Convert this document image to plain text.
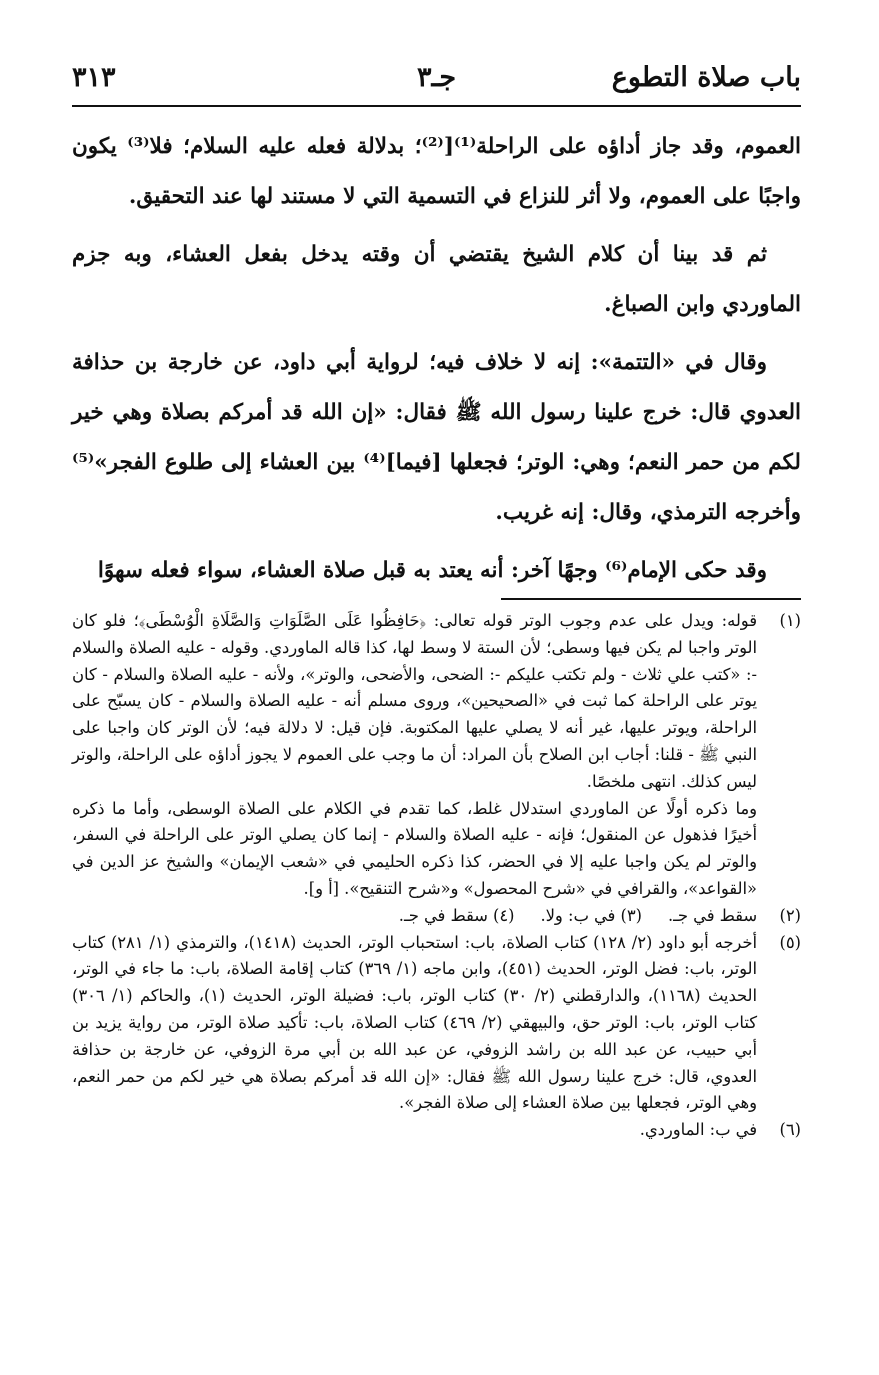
باب صلاة التطوع
جـ٣
٣١٣

العموم، وقد جاز أداؤه على الراحلة⁽¹⁾[⁽²⁾؛ بدلالة فعله عليه السلام؛ فلا⁽³⁾ يكون واجبًا على العموم، ولا أثر للنزاع في التسمية التي لا مستند لها عند التحقيق.

ثم قد بينا أن كلام الشيخ يقتضي أن وقته يدخل بفعل العشاء، وبه جزم الماوردي وابن الصباغ.

وقال في «التتمة»: إنه لا خلاف فيه؛ لرواية أبي داود، عن خارجة بن حذافة العدوي قال: خرج علينا رسول الله ﷺ فقال: «إن الله قد أمركم بصلاة وهي خير لكم من حمر النعم؛ وهي: الوتر؛ فجعلها [فيما]⁽⁴⁾ بين العشاء إلى طلوع الفجر»⁽⁵⁾ وأخرجه الترمذي، وقال: إنه غريب.

وقد حكى الإمام⁽⁶⁾ وجهًا آخر: أنه يعتد به قبل صلاة العشاء، سواء فعله سهوًا

(١)

قوله: ويدل على عدم وجوب الوتر قوله تعالى: ﴿حَافِظُوا عَلَى الصَّلَوَاتِ وَالصَّلَاةِ الْوُسْطَى﴾؛ فلو كان الوتر واجبا لم يكن فيها وسطى؛ لأن الستة لا وسط لها، كذا قاله الماوردي. وقوله - عليه الصلاة والسلام -: «كتب علي ثلاث - ولم تكتب عليكم -: الضحى، والأضحى، والوتر»، ولأنه - عليه الصلاة والسلام - كان يوتر على الراحلة كما ثبت في «الصحيحين»، وروى مسلم أنه - عليه الصلاة والسلام - كان يسبّح على الراحلة، ويوتر عليها، غير أنه لا يصلي عليها المكتوبة. فإن قيل: لا دلالة فيه؛ لأن الوتر كان واجبا على النبي ﷺ - قلنا: أجاب ابن الصلاح بأن المراد: أن ما وجب على العموم لا يجوز أداؤه على الراحلة، والوتر ليس كذلك. انتهى ملخصًا.

وما ذكره أولًا عن الماوردي استدلال غلط، كما تقدم في الكلام على الصلاة الوسطى، وأما ما ذكره أخيرًا فذهول عن المنقول؛ فإنه - عليه الصلاة والسلام - إنما كان يصلي الوتر على الراحلة في السفر، والوتر لم يكن واجبا عليه إلا في الحضر، كذا ذكره الحليمي في «شعب الإيمان» والشيخ عز الدين في «القواعد»، والقرافي في «شرح المحصول» و«شرح التنقيح». [أ و].

(٢)
سقط في جـ.
(٣) في ب: ولا.
(٤) سقط في جـ.
(٥)

أخرجه أبو داود (٢/ ١٢٨) كتاب الصلاة، باب: استحباب الوتر، الحديث (١٤١٨)، والترمذي (١/ ٢٨١) كتاب الوتر، باب: فضل الوتر، الحديث (٤٥١)، وابن ماجه (١/ ٣٦٩) كتاب إقامة الصلاة، باب: ما جاء في الوتر، الحديث (١١٦٨)، والدارقطني (٢/ ٣٠) كتاب الوتر، باب: فضيلة الوتر، الحديث (١)، والحاكم (١/ ٣٠٦) كتاب الوتر، باب: الوتر حق، والبيهقي (٢/ ٤٦٩) كتاب الصلاة، باب: تأكيد صلاة الوتر، من رواية يزيد بن أبي حبيب، عن عبد الله بن راشد الزوفي، عن عبد الله بن أبي مرة الزوفي، عن خارجة بن حذافة العدوي، قال: خرج علينا رسول الله ﷺ فقال: «إن الله قد أمركم بصلاة هي خير لكم من حمر النعم، وهي الوتر، فجعلها بين صلاة العشاء إلى صلاة الفجر».

(٦)

في ب: الماوردي.
